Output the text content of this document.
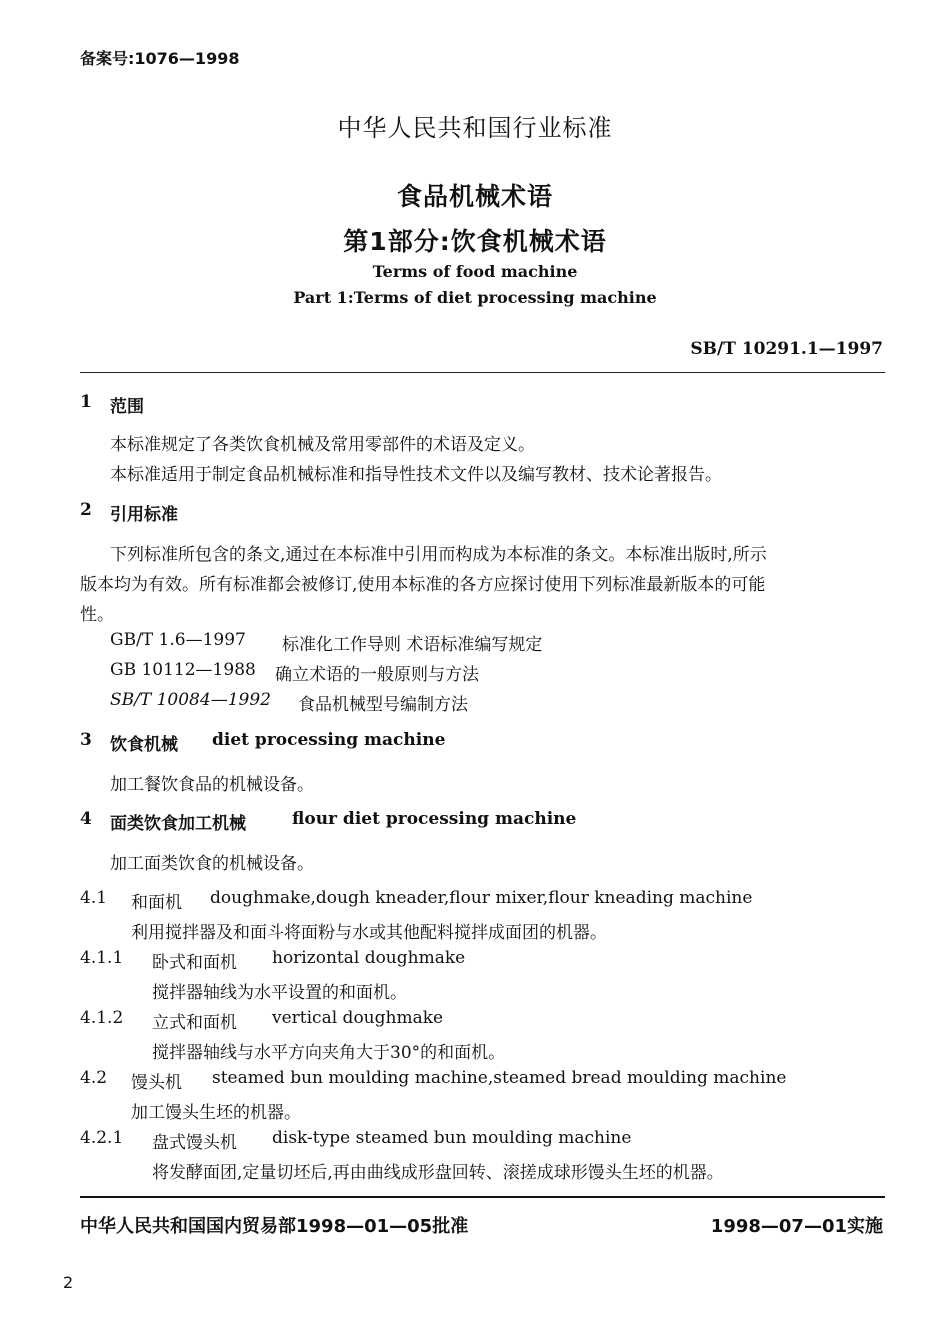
备案号:1076—1998
中华人民共和国行业标准
食品机械术语
第1部分:饮食机械术语
Terms of food machine
Part 1:Terms of diet processing machine
SB/T 10291.1—1997
1 范围
本标准规定了各类饮食机械及常用零部件的术语及定义。
本标准适用于制定食品机械标准和指导性技术文件以及编写教材、技术论著报告。
2 引用标准
下列标准所包含的条文,通过在本标准中引用而构成为本标准的条文。本标准出版时,所示
版本均为有效。所有标准都会被修订,使用本标准的各方应探讨使用下列标准最新版本的可能
性。
GB/T 1.6—1997 标准化工作导则 术语标准编写规定
GB 10112—1988 确立术语的一般原则与方法
SB/T 10084—1992 食品机械型号编制方法
3 饮食机械 diet processing machine
加工餐饮食品的机械设备。
4 面类饮食加工机械	flour diet processing machine
加工面类饮食的机械设备。
4.1 和面机 doughmake,dough kneader,flour mixer,flour kneading machine
利用搅拌器及和面斗将面粉与水或其他配料搅拌成面团的机器。
4.1.1 卧式和面机 horizontal doughmake
搅拌器轴线为水平设置的和面机。
4.1.2 立式和面机 vertical doughmake
搅拌器轴线与水平方向夹角大于30°的和面机。
4.2 馒头机 steamed bun moulding machine,steamed bread moulding machine
加工馒头生坯的机器。
4.2.1 盘式馒头机 disk-type steamed bun moulding machine
将发酵面团,定量切坯后,再由曲线成形盘回转、滚搓成球形馒头生坯的机器。
中华人民共和国国内贸易部1998—01—05批准	1998—07—01实施
2
